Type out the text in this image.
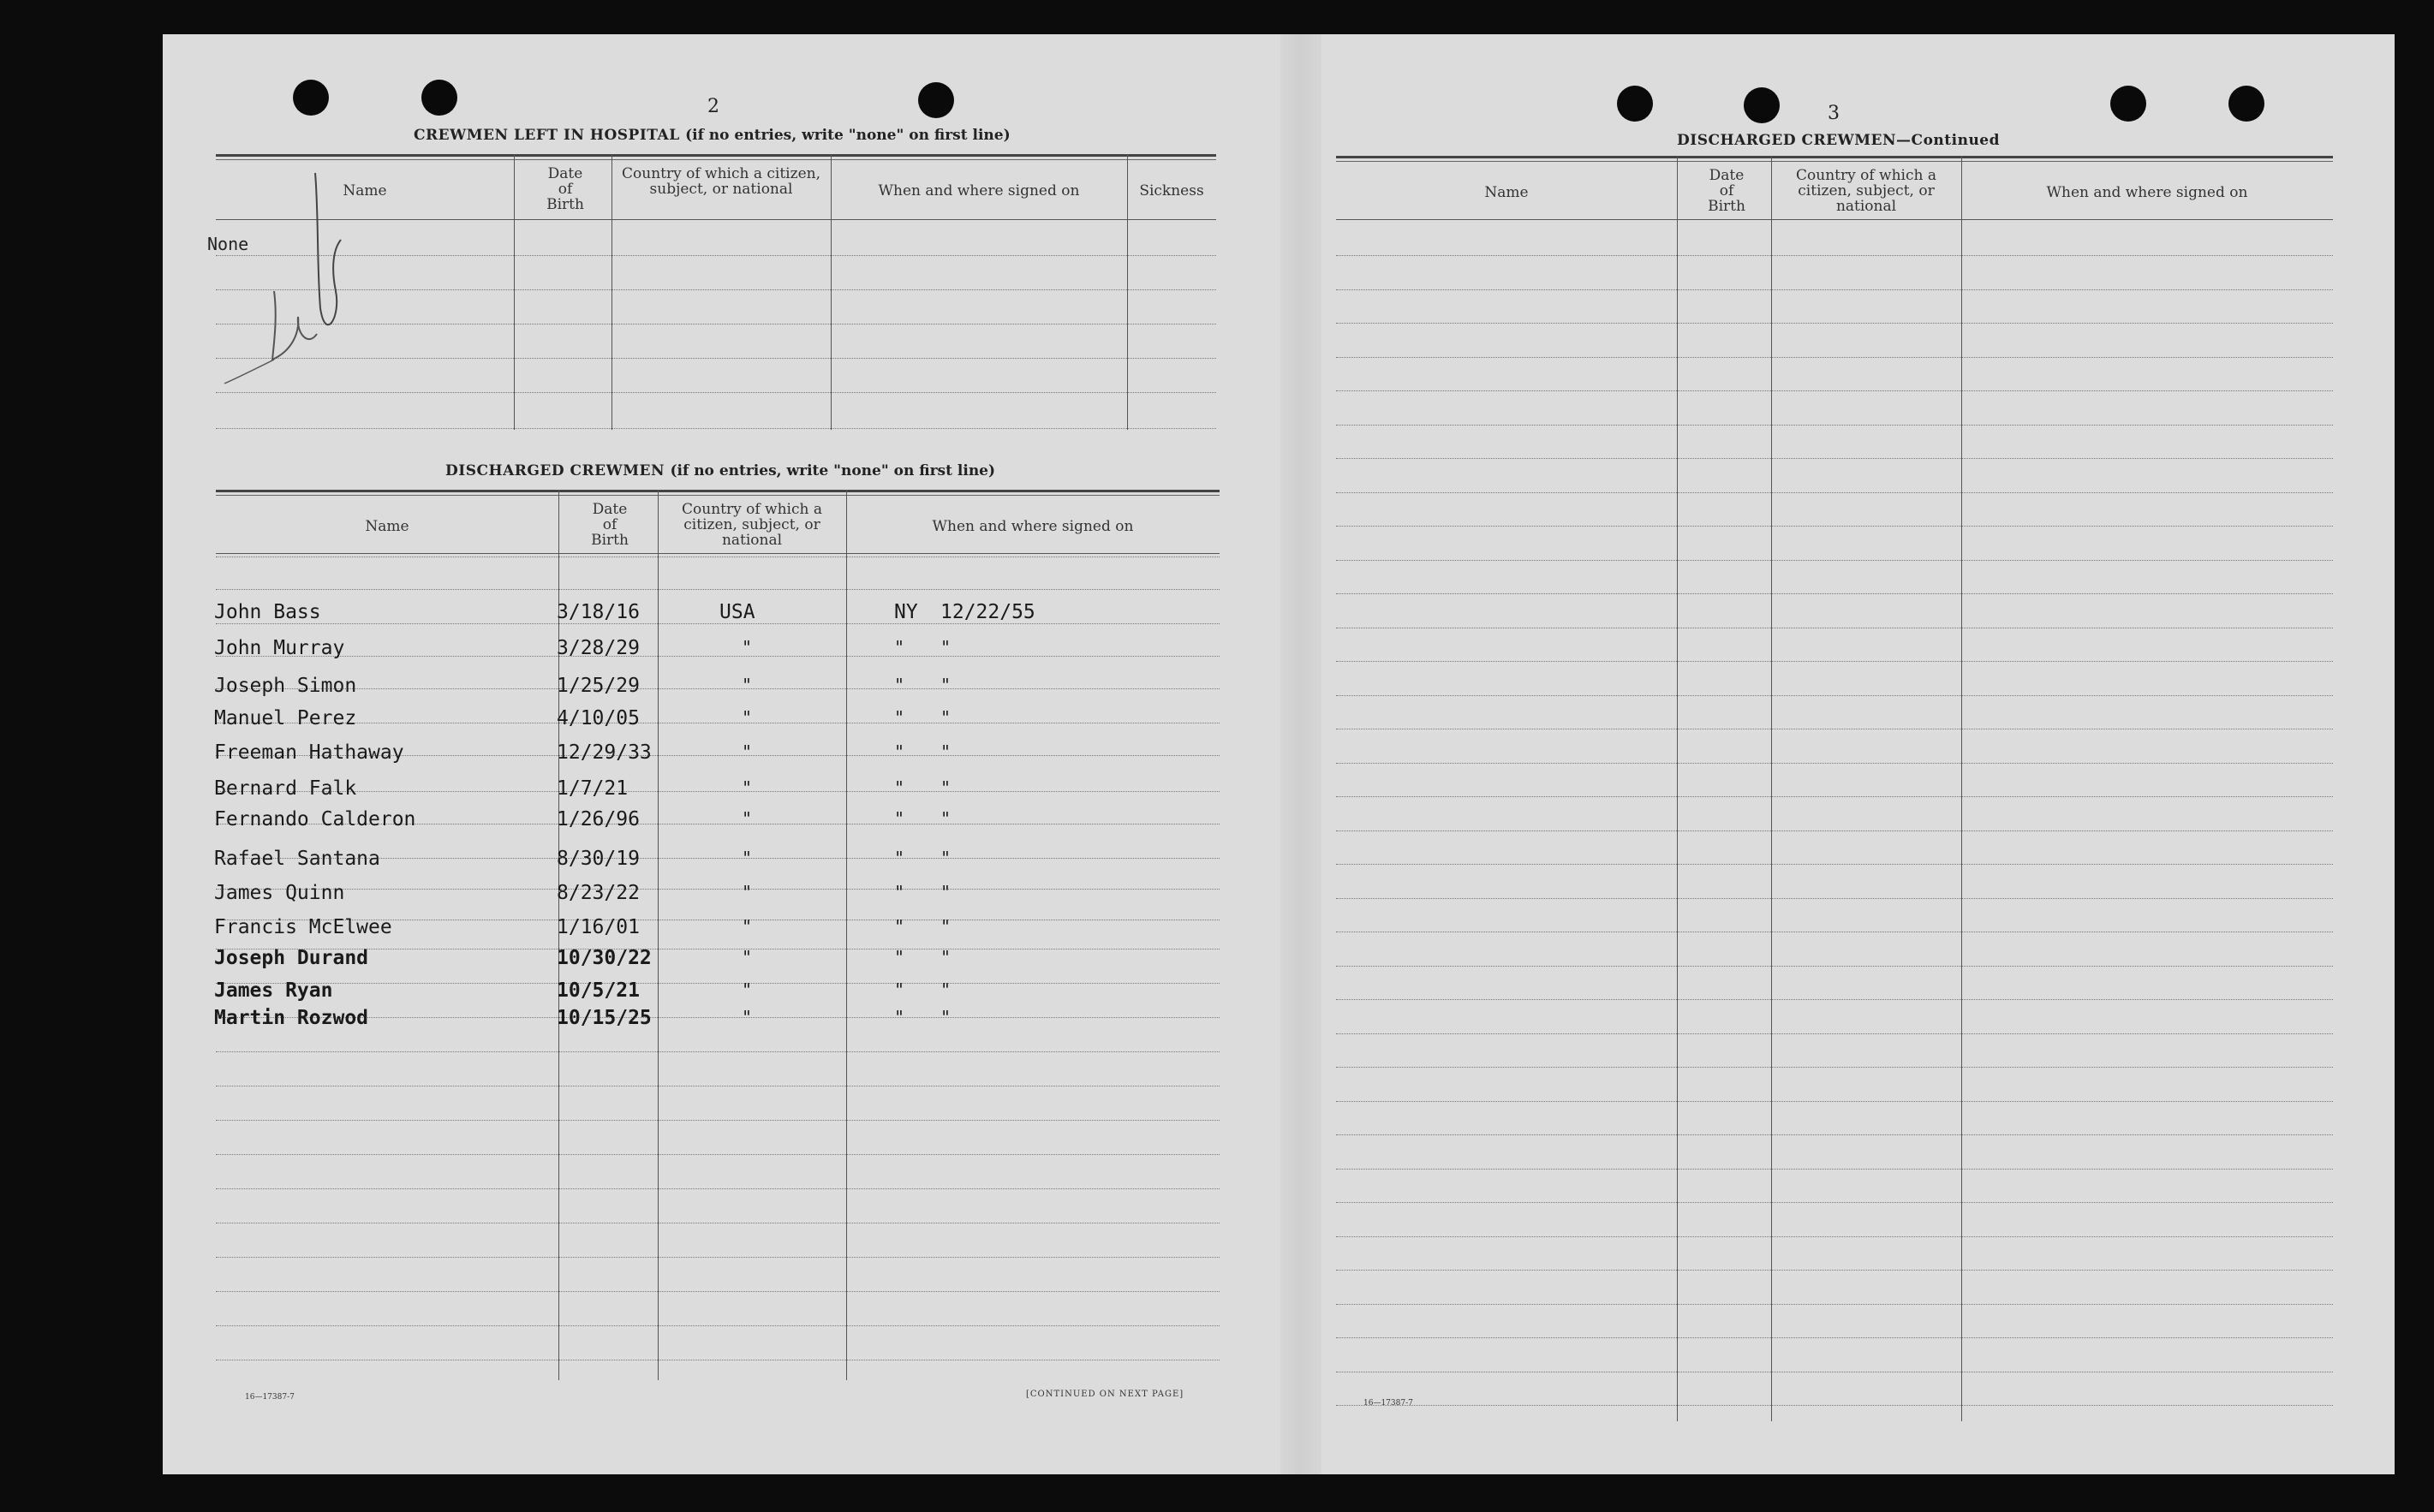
2
CREWMEN LEFT IN HOSPITAL (if no entries, write "none" on first line)
Name
Date of Birth
Country of which a citizen, subject, or national	When and where signed on	Sickness
None
DISCHARGED CREWMEN (if no entries, write "none" on first line)
Name
Date of Birth
Country of which a citizen, subject, or national
When and where signed on
John Bass	3/18/16	USA	NY 12/22/55
John Murray	3/28/29	"	" "
Joseph Simon	1/25/29	"	" "
Manuel Perez	4/10/05	"	" "
Freeman Hathaway	12/29/33	"	" "
Bernard Falk	1/7/21	"	" "
Fernando Calderon	1/26/96	"	" "
Rafael Santana	8/30/19	"	" "
James Quinn	8/23/22	"	" "
Francis McElwee	1/16/01	"	" "
Joseph Durand	10/30/22	"	" "
James Ryan	10/5/21	"	" "
Martin Rozwod	10/15/25	"	" "
16—17387-7	[CONTINUED ON NEXT PAGE]
3
DISCHARGED CREWMEN—Continued
Name
Date of Birth
Country of which a citizen, subject, or national
When and where signed on
16—17387-7
